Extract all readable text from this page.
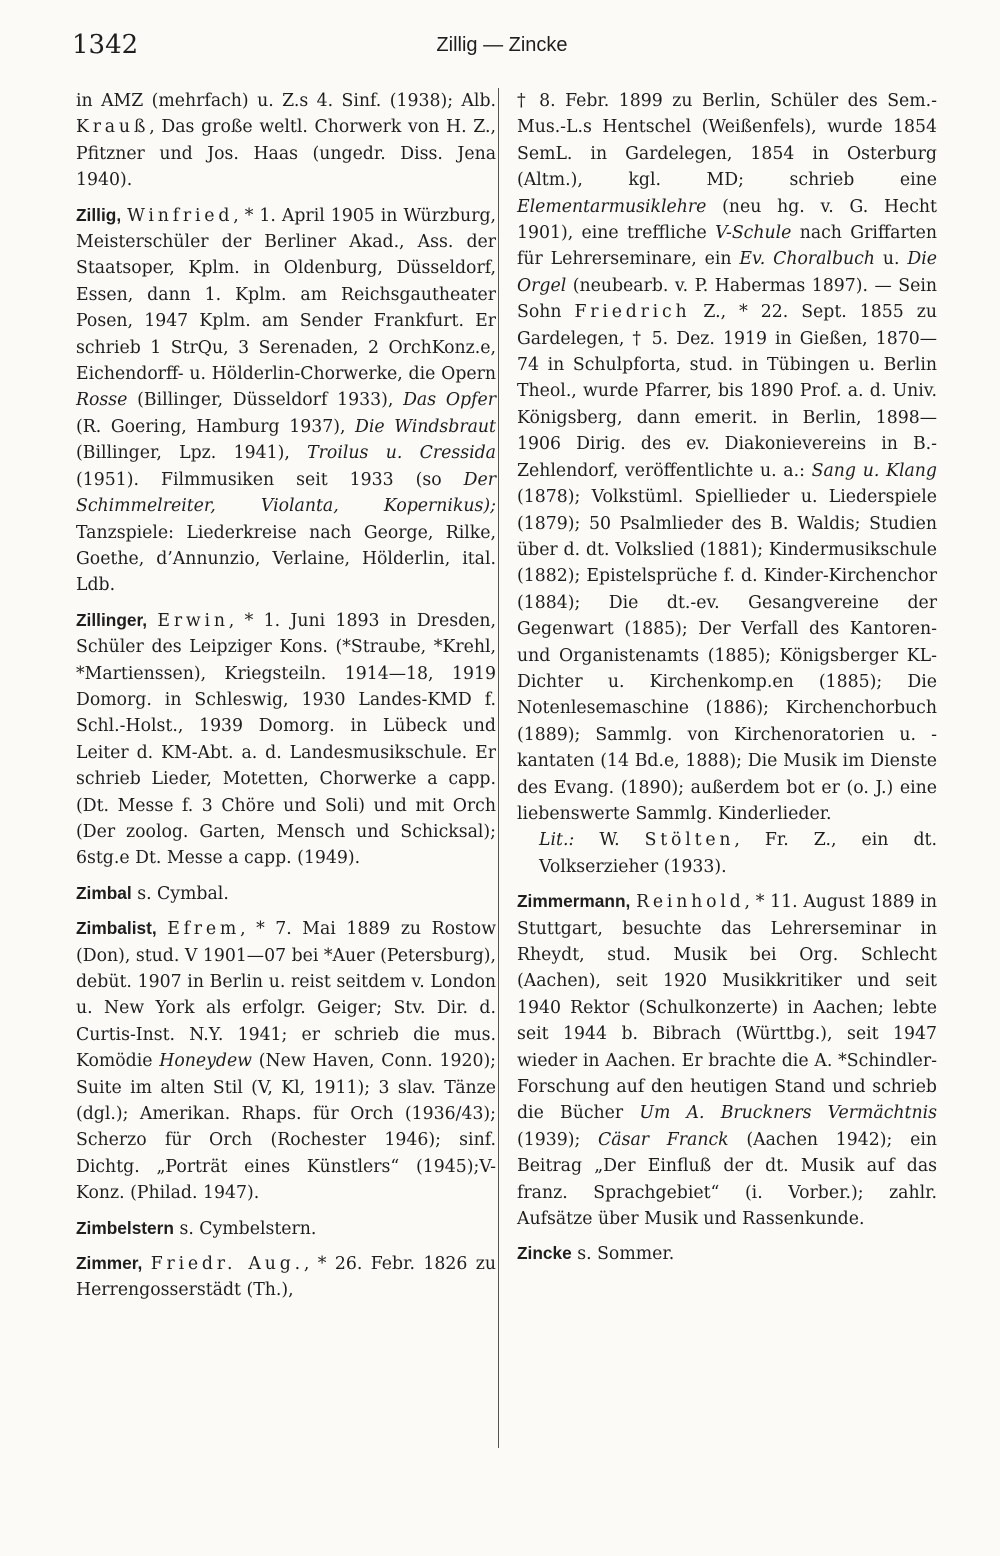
1342	Zillig — Zincke

in AMZ (mehrfach) u. Z.s 4. Sinf. (1938); Alb. Krauß, Das große weltl. Chorwerk von H. Z., Pfitzner und Jos. Haas (ungedr. Diss. Jena 1940).

Zillig, Winfried, * 1. April 1905 in Würzburg, Meisterschüler der Berliner Akad., Ass. der Staatsoper, Kplm. in Oldenburg, Düsseldorf, Essen, dann 1. Kplm. am Reichsgautheater Posen, 1947 Kplm. am Sender Frankfurt. Er schrieb 1 StrQu, 3 Serenaden, 2 OrchKonz.e, Eichendorff- u. Hölderlin-Chorwerke, die Opern Rosse (Billinger, Düsseldorf 1933), Das Opfer (R. Goering, Hamburg 1937), Die Windsbraut (Billinger, Lpz. 1941), Troilus u. Cressida (1951). Filmmusiken seit 1933 (so Der Schimmelreiter, Violanta, Kopernikus); Tanzspiele: Liederkreise nach George, Rilke, Goethe, d’Annunzio, Verlaine, Hölderlin, ital. Ldb.

Zillinger, Erwin, * 1. Juni 1893 in Dresden, Schüler des Leipziger Kons. (*Straube, *Krehl, *Martienssen), Kriegsteiln. 1914—18, 1919 Domorg. in Schleswig, 1930 Landes-KMD f. Schl.-Holst., 1939 Domorg. in Lübeck und Leiter d. KM-Abt. a. d. Landesmusikschule. Er schrieb Lieder, Motetten, Chorwerke a capp. (Dt. Messe f. 3 Chöre und Soli) und mit Orch (Der zoolog. Garten, Mensch und Schicksal); 6stg.e Dt. Messe a capp. (1949).

Zimbal s. Cymbal.

Zimbalist, Efrem, * 7. Mai 1889 zu Rostow (Don), stud. V 1901—07 bei *Auer (Petersburg), debüt. 1907 in Berlin u. reist seitdem v. London u. New York als erfolgr. Geiger; Stv. Dir. d. Curtis-Inst. N.Y. 1941; er schrieb die mus. Komödie Honeydew (New Haven, Conn. 1920); Suite im alten Stil (V, Kl, 1911); 3 slav. Tänze (dgl.); Amerikan. Rhaps. für Orch (1936/43); Scherzo für Orch (Rochester 1946); sinf. Dichtg. „Porträt eines Künstlers“ (1945);V-Konz. (Philad. 1947).

Zimbelstern s. Cymbelstern.

Zimmer, Friedr. Aug., * 26. Febr. 1826 zu Herrengosserstädt (Th.),

† 8. Febr. 1899 zu Berlin, Schüler des Sem.-Mus.-L.s Hentschel (Weißenfels), wurde 1854 SemL. in Gardelegen, 1854 in Osterburg (Altm.), kgl. MD; schrieb eine Elementarmusiklehre (neu hg. v. G. Hecht 1901), eine treffliche V-Schule nach Griffarten für Lehrerseminare, ein Ev. Choralbuch u. Die Orgel (neubearb. v. P. Habermas 1897). — Sein Sohn Friedrich Z., * 22. Sept. 1855 zu Gardelegen, † 5. Dez. 1919 in Gießen, 1870—74 in Schulpforta, stud. in Tübingen u. Berlin Theol., wurde Pfarrer, bis 1890 Prof. a. d. Univ. Königsberg, dann emerit. in Berlin, 1898—1906 Dirig. des ev. Diakonievereins in B.-Zehlendorf, veröffentlichte u. a.: Sang u. Klang (1878); Volkstüml. Spiellieder u. Liederspiele (1879); 50 Psalmlieder des B. Waldis; Studien über d. dt. Volkslied (1881); Kindermusikschule (1882); Epistelsprüche f. d. Kinder-Kirchenchor (1884); Die dt.-ev. Gesangvereine der Gegenwart (1885); Der Verfall des Kantoren- und Organistenamts (1885); Königsberger KL-Dichter u. Kirchenkomp.en (1885); Die Notenlesemaschine (1886); Kirchenchorbuch (1889); Sammlg. von Kirchenoratorien u. -kantaten (14 Bd.e, 1888); Die Musik im Dienste des Evang. (1890); außerdem bot er (o. J.) eine liebenswerte Sammlg. Kinderlieder.

Lit.: W. Stölten, Fr. Z., ein dt. Volkserzieher (1933).

Zimmermann, Reinhold, * 11. August 1889 in Stuttgart, besuchte das Lehrerseminar in Rheydt, stud. Musik bei Org. Schlecht (Aachen), seit 1920 Musikkritiker und seit 1940 Rektor (Schulkonzerte) in Aachen; lebte seit 1944 b. Bibrach (Württbg.), seit 1947 wieder in Aachen. Er brachte die A. *Schindler-Forschung auf den heutigen Stand und schrieb die Bücher Um A. Bruckners Vermächtnis (1939); Cäsar Franck (Aachen 1942); ein Beitrag „Der Einfluß der dt. Musik auf das franz. Sprachgebiet“ (i. Vorber.); zahlr. Aufsätze über Musik und Rassenkunde.

Zincke s. Sommer.
